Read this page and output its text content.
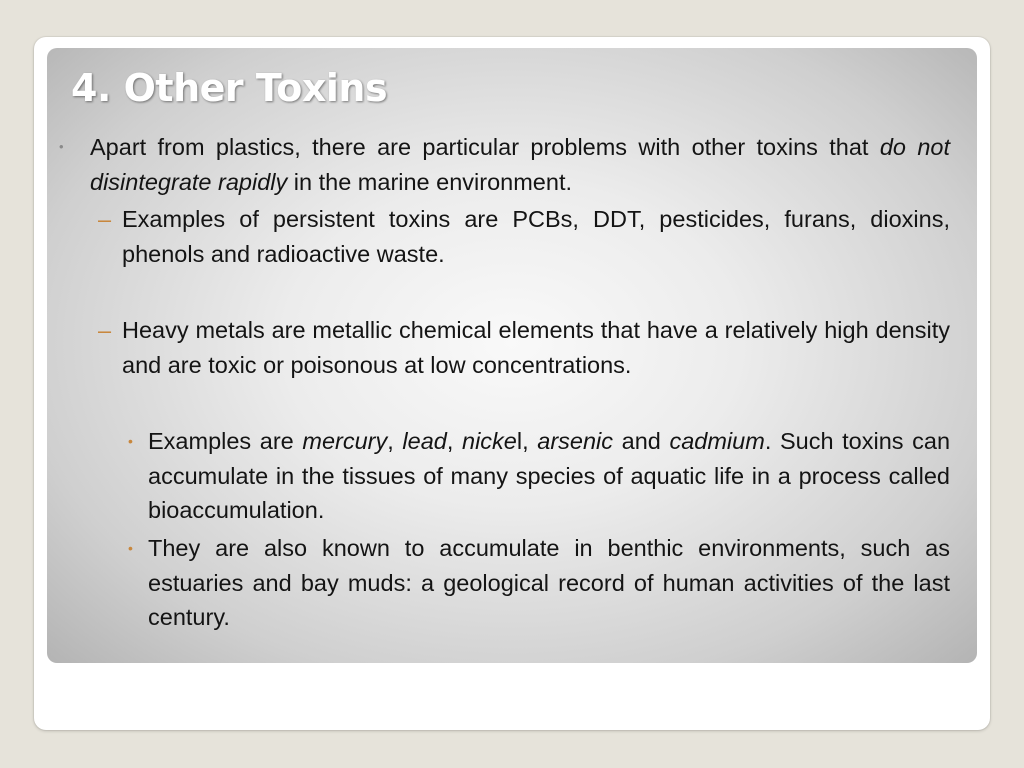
4. Other Toxins
• Apart from plastics, there are particular problems with other toxins that do not disintegrate rapidly in the marine environment.
– Examples of persistent toxins are PCBs, DDT, pesticides, furans, dioxins, phenols and radioactive waste.
– Heavy metals are metallic chemical elements that have a relatively high density and are toxic or poisonous at low concentrations.
• Examples are mercury, lead, nickel, arsenic and cadmium. Such toxins can accumulate in the tissues of many species of aquatic life in a process called bioaccumulation.
• They are also known to accumulate in benthic environments, such as estuaries and bay muds: a geological record of human activities of the last century.
